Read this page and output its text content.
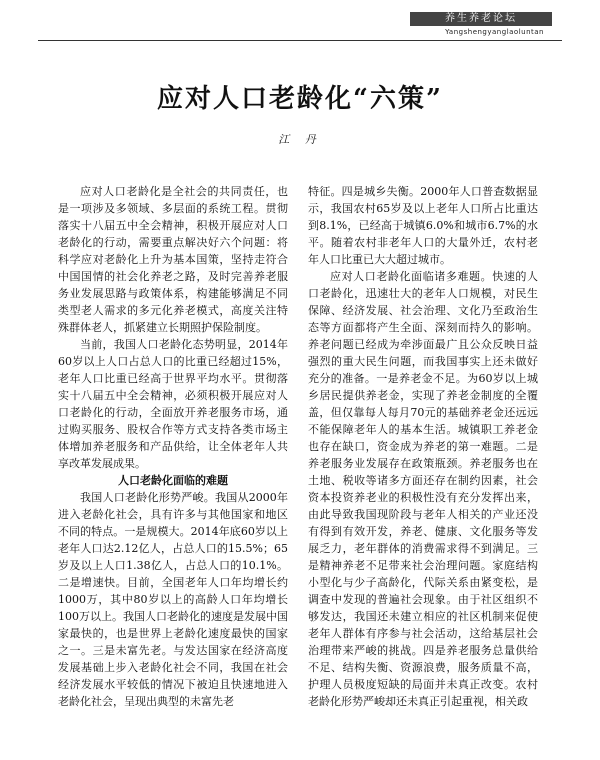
养生养老论坛
Yangshengyanglaoluntan
应对人口老龄化“六策”
江 丹

应对人口老龄化是全社会的共同责任，也是一项涉及多领域、多层面的系统工程。贯彻落实十八届五中全会精神，积极开展应对人口老龄化的行动，需要重点解决好六个问题：将科学应对老龄化上升为基本国策，坚持走符合中国国情的社会化养老之路，及时完善养老服务业发展思路与政策体系，构建能够满足不同类型老人需求的多元化养老模式，高度关注特殊群体老人，抓紧建立长期照护保险制度。

当前，我国人口老龄化态势明显，2014年60岁以上人口占总人口的比重已经超过15%，老年人口比重已经高于世界平均水平。贯彻落实十八届五中全会精神，必须积极开展应对人口老龄化的行动，全面放开养老服务市场，通过购买服务、股权合作等方式支持各类市场主体增加养老服务和产品供给，让全体老年人共享改革发展成果。

人口老龄化面临的难题

我国人口老龄化形势严峻。我国从2000年进入老龄化社会，具有许多与其他国家和地区不同的特点。一是规模大。2014年底60岁以上老年人口达2.12亿人，占总人口的15.5%；65岁及以上人口1.38亿人，占总人口的10.1%。二是增速快。目前，全国老年人口年均增长约1000万，其中80岁以上的高龄人口年均增长100万以上。我国人口老龄化的速度是发展中国家最快的，也是世界上老龄化速度最快的国家之一。三是未富先老。与发达国家在经济高度发展基础上步入老龄化社会不同，我国在社会经济发展水平较低的情况下被迫且快速地进入老龄化社会，呈现出典型的未富先老

特征。四是城乡失衡。2000年人口普查数据显示，我国农村65岁及以上老年人口所占比重达到8.1%，已经高于城镇6.0%和城市6.7%的水平。随着农村非老年人口的大量外迁，农村老年人口比重已大大超过城市。

应对人口老龄化面临诸多难题。快速的人口老龄化，迅速壮大的老年人口规模，对民生保障、经济发展、社会治理、文化乃至政治生态等方面都将产生全面、深刻而持久的影响。养老问题已经成为牵涉面最广且公众反映日益强烈的重大民生问题，而我国事实上还未做好充分的准备。一是养老金不足。为60岁以上城乡居民提供养老金，实现了养老金制度的全覆盖，但仅靠每人每月70元的基础养老金还远远不能保障老年人的基本生活。城镇职工养老金也存在缺口，资金成为养老的第一难题。二是养老服务业发展存在政策瓶颈。养老服务也在土地、税收等诸多方面还存在制约因素，社会资本投资养老业的积极性没有充分发挥出来，由此导致我国现阶段与老年人相关的产业还没有得到有效开发，养老、健康、文化服务等发展乏力，老年群体的消费需求得不到满足。三是精神养老不足带来社会治理问题。家庭结构小型化与少子高龄化，代际关系由紧变松，是调查中发现的普遍社会现象。由于社区组织不够发达，我国还未建立相应的社区机制来促使老年人群体有序参与社会活动，这给基层社会治理带来严峻的挑战。四是养老服务总量供给不足、结构失衡、资源浪费，服务质量不高，护理人员极度短缺的局面并未真正改变。农村老龄化形势严峻却还未真正引起重视，相关政
